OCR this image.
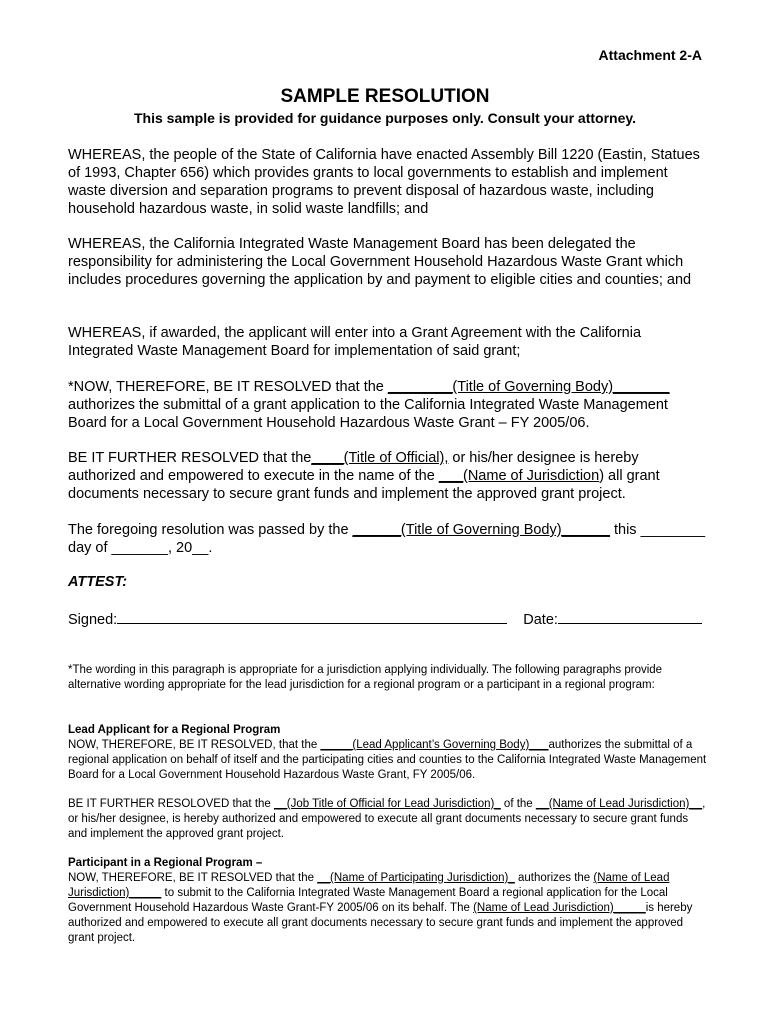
Attachment 2-A
SAMPLE RESOLUTION
This sample is provided for guidance purposes only. Consult your attorney.

WHEREAS, the people of the State of California have enacted Assembly Bill 1220 (Eastin, Statues of 1993, Chapter 656) which provides grants to local governments to establish and implement waste diversion and separation programs to prevent disposal of hazardous waste, including household hazardous waste, in solid waste landfills; and

WHEREAS, the California Integrated Waste Management Board has been delegated the responsibility for administering the Local Government Household Hazardous Waste Grant which includes procedures governing the application by and payment to eligible cities and counties; and

WHEREAS, if awarded, the applicant will enter into a Grant Agreement with the California Integrated Waste Management Board for implementation of said grant;

*NOW, THEREFORE, BE IT RESOLVED that the ________(Title of Governing Body)_______ authorizes the submittal of a grant application to the California Integrated Waste Management Board for a Local Government Household Hazardous Waste Grant – FY 2005/06.

BE IT FURTHER RESOLVED that the____(Title of Official), or his/her designee is hereby authorized and empowered to execute in the name of the ___(Name of Jurisdiction) all grant documents necessary to secure grant funds and implement the approved grant project.

The foregoing resolution was passed by the ______(Title of Governing Body)______ this ________ day of _______, 20__.

ATTEST:
Signed:	Date:

*The wording in this paragraph is appropriate for a jurisdiction applying individually. The following paragraphs provide alternative wording appropriate for the lead jurisdiction for a regional program or a participant in a regional program:

Lead Applicant for a Regional Program

NOW, THEREFORE, BE IT RESOLVED, that the _____(Lead Applicant’s Governing Body)___authorizes the submittal of a regional application on behalf of itself and the participating cities and counties to the California Integrated Waste Management Board for a Local Government Household Hazardous Waste Grant, FY 2005/06.

BE IT FURTHER RESOLOVED that the __(Job Title of Official for Lead Jurisdiction)_ of the __(Name of Lead Jurisdiction)__, or his/her designee, is hereby authorized and empowered to execute all grant documents necessary to secure grant funds and implement the approved grant project.

Participant in a Regional Program –

NOW, THEREFORE, BE IT RESOLVED that the __(Name of Participating Jurisdiction)_ authorizes the (Name of Lead Jurisdiction)_____ to submit to the California Integrated Waste Management Board a regional application for the Local Government Household Hazardous Waste Grant-FY 2005/06 on its behalf. The (Name of Lead Jurisdiction)_____is hereby authorized and empowered to execute all grant documents necessary to secure grant funds and implement the approved grant project.
